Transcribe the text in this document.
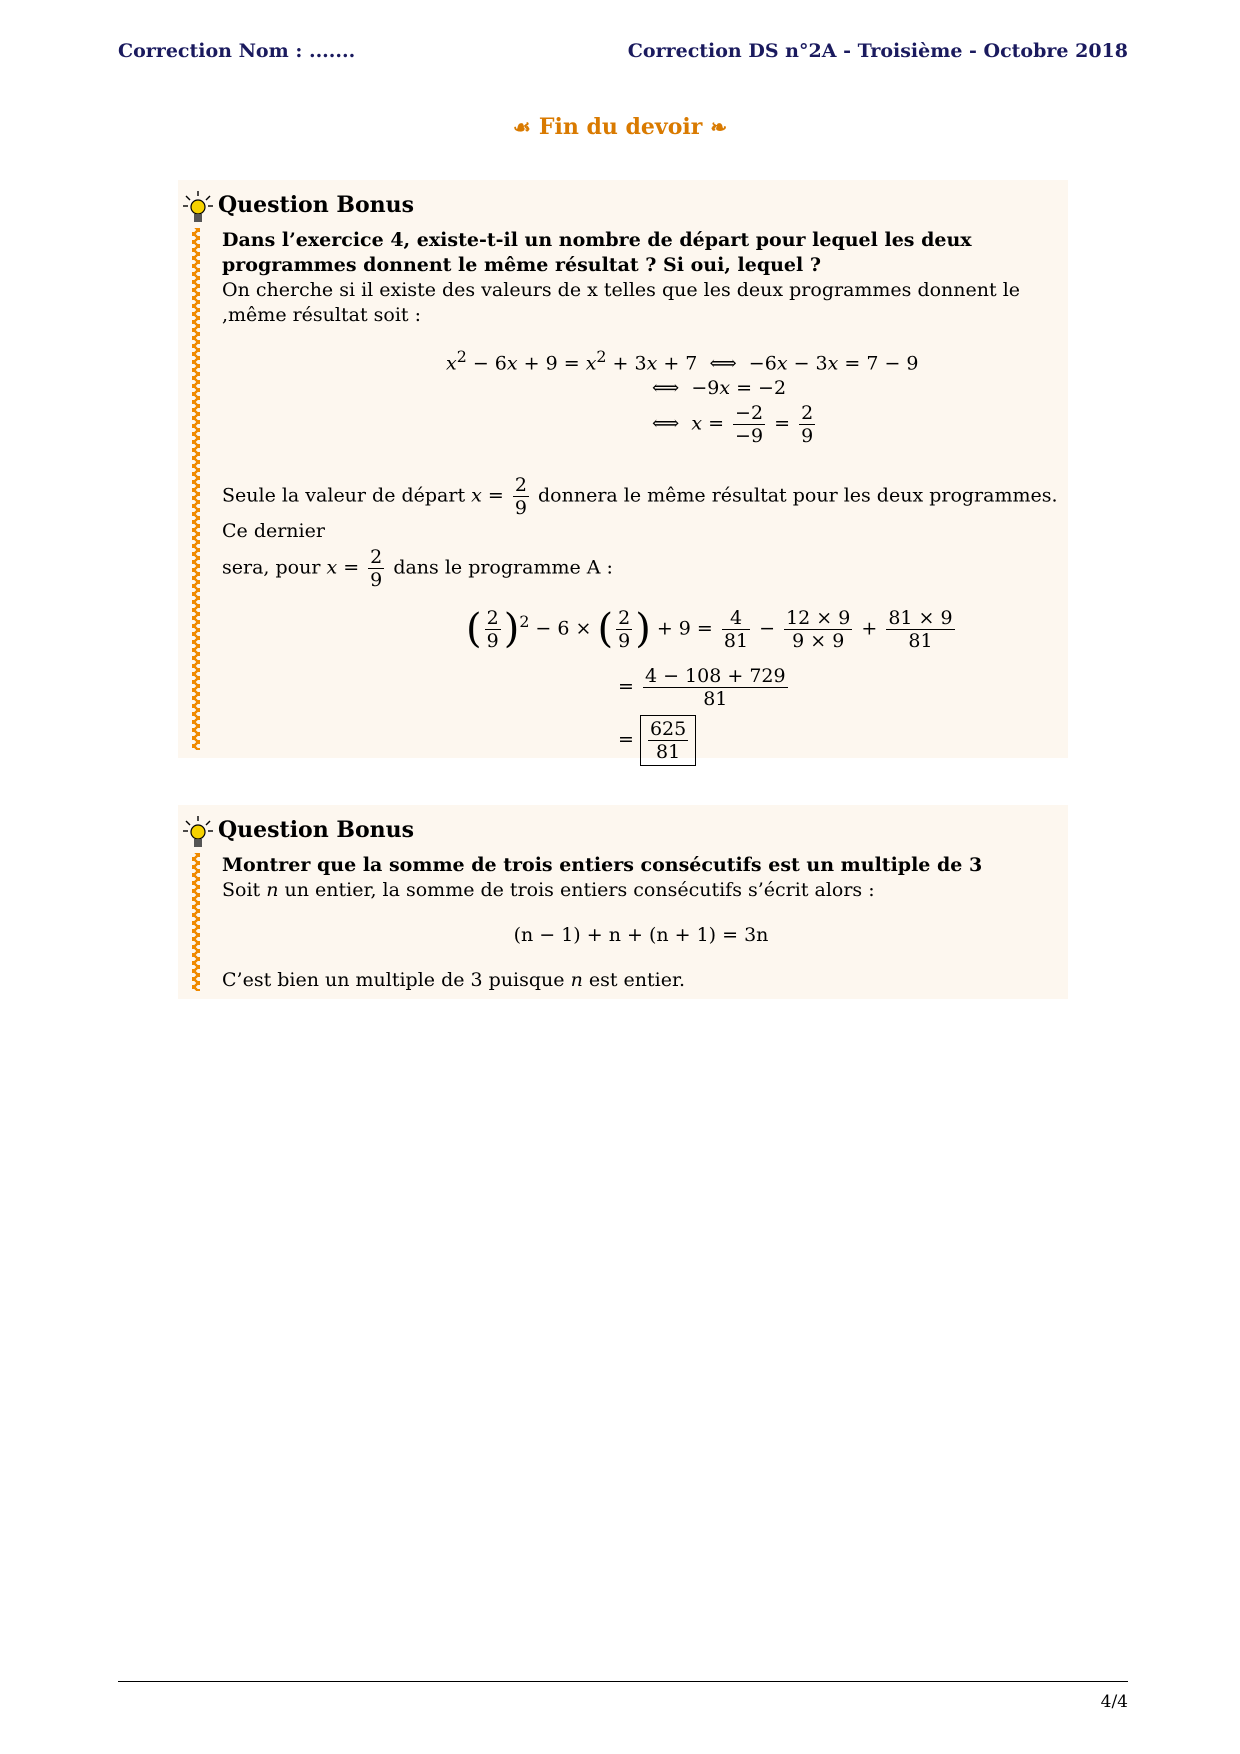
Correction Nom : .......	Correction DS n°2A - Troisième - Octobre 2018
☙ Fin du devoir ❧
Question Bonus

Dans l’exercice 4, existe-t-il un nombre de départ pour lequel les deux programmes donnent le même résultat ? Si oui, lequel ?

On cherche si il existe des valeurs de x telles que les deux programmes donnent le ,même résultat soit :

$x^2 - 6x + 9 = x^2 + 3x + 7$  ⟺  −6x − 3x = 7 − 9
⟺  −9x = −2
⟺  $x = \frac{-2}{-9} = \frac{2}{9}$

Seule la valeur de départ $x = \frac{2}{9}$ donnera le même résultat pour les deux programmes. Ce dernier

sera, pour $x = \frac{2}{9}$ dans le programme A :

( $\frac{2}{9} )^2 - 6$ × ( $\frac{2}{9}$ ) + $9 = \frac{4}{81} - \frac{12 \times 9}{9 \times 9} + \frac{81 \times 9}{81}$
= $\frac{4 - 108 + 729}{81}$
= $\frac{625}{81}$
Question Bonus

Montrer que la somme de trois entiers consécutifs est un multiple de 3

Soit n un entier, la somme de trois entiers consécutifs s’écrit alors :

(n − 1) + n + (n + 1) = 3n

C’est bien un multiple de 3 puisque n est entier.

4/4
